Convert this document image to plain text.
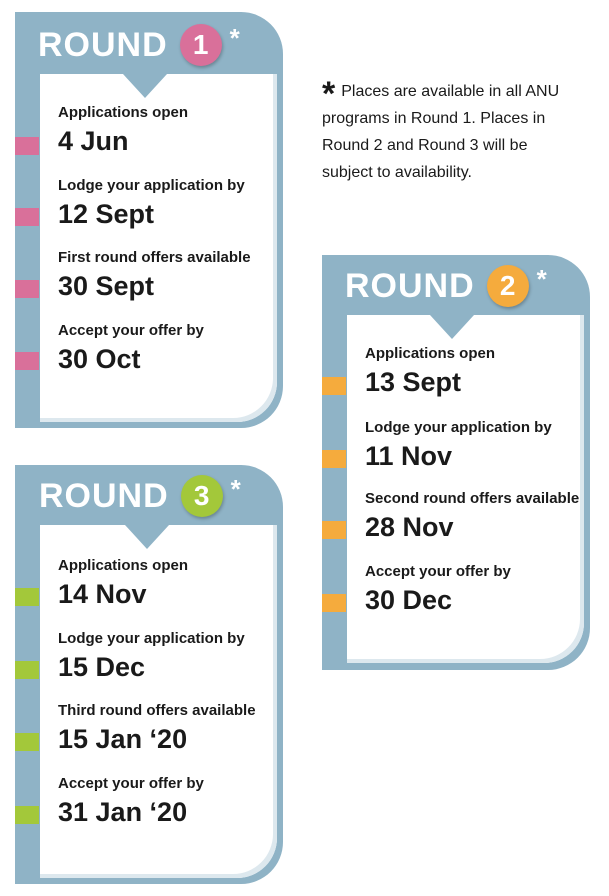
ROUND 1 *
Applications open
4 Jun
Lodge your application by
12 Sept
First round offers available
30 Sept
Accept your offer by
30 Oct
* Places are available in all ANU programs in Round 1. Places in Round 2 and Round 3 will be subject to availability.
ROUND 2 *
Applications open
13 Sept
Lodge your application by
11 Nov
Second round offers available
28 Nov
Accept your offer by
30 Dec
ROUND 3 *
Applications open
14 Nov
Lodge your application by
15 Dec
Third round offers available
15 Jan ‘20
Accept your offer by
31 Jan ‘20
